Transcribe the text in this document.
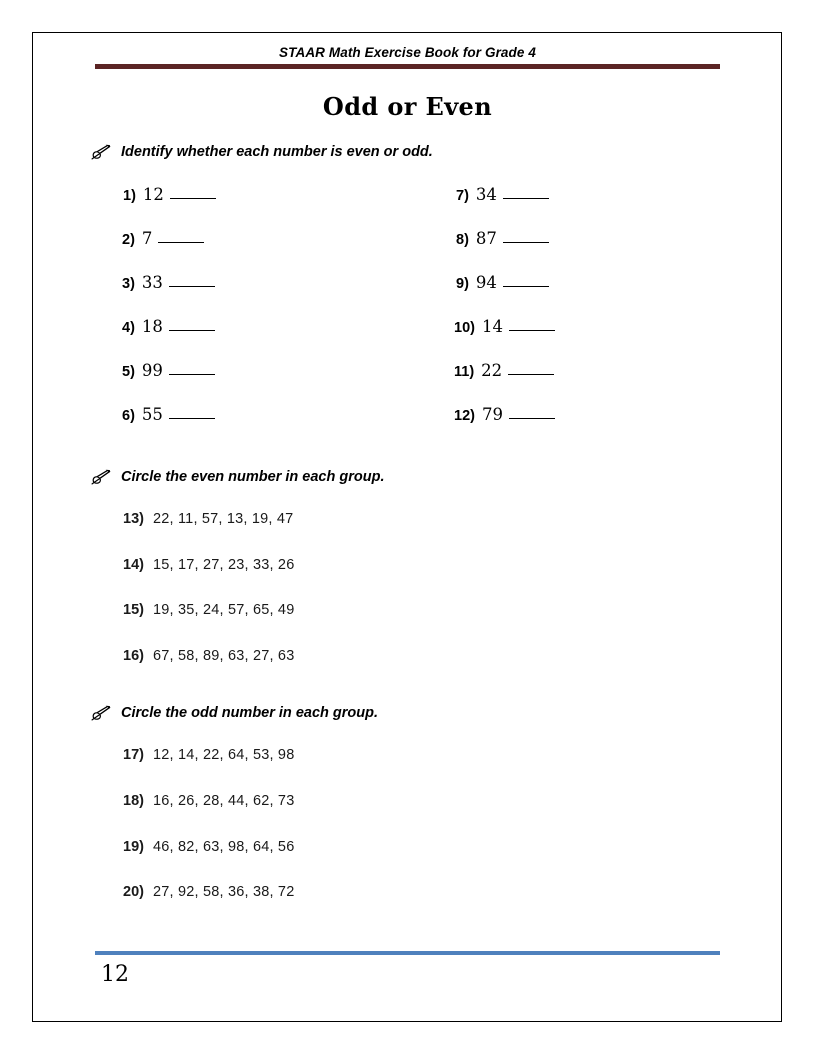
STAAR Math Exercise Book for Grade 4
Odd or Even
Identify whether each number is even or odd.
1) 12
2) 7
3) 33
4) 18
5) 99
6) 55
7) 34
8) 87
9) 94
10) 14
11) 22
12) 79
Circle the even number in each group.
13) 22, 11, 57, 13, 19, 47
14) 15, 17, 27, 23, 33, 26
15) 19, 35, 24, 57, 65, 49
16) 67, 58, 89, 63, 27, 63
Circle the odd number in each group.
17) 12, 14, 22, 64, 53, 98
18) 16, 26, 28, 44, 62, 73
19) 46, 82, 63, 98, 64, 56
20) 27, 92, 58, 36, 38, 72
12
